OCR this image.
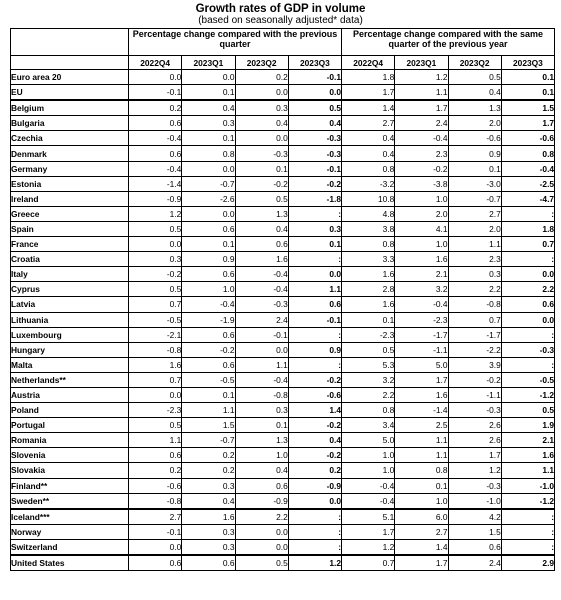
Growth rates of GDP in volume
(based on seasonally adjusted* data)
	Percentage change compared with the previous quarter				Percentage change compared with the same quarter of the previous year			
	2022Q4	2023Q1	2023Q2	2023Q3	2022Q4	2023Q1	2023Q2	2023Q3
Euro area 20	0.0	0.0	0.2	-0.1	1.8	1.2	0.5	0.1
EU	-0.1	0.1	0.0	0.0	1.7	1.1	0.4	0.1
Belgium	0.2	0.4	0.3	0.5	1.4	1.7	1.3	1.5
Bulgaria	0.6	0.3	0.4	0.4	2.7	2.4	2.0	1.7
Czechia	-0.4	0.1	0.0	-0.3	0.4	-0.4	-0.6	-0.6
Denmark	0.6	0.8	-0.3	-0.3	0.4	2.3	0.9	0.8
Germany	-0.4	0.0	0.1	-0.1	0.8	-0.2	0.1	-0.4
Estonia	-1.4	-0.7	-0.2	-0.2	-3.2	-3.8	-3.0	-2.5
Ireland	-0.9	-2.6	0.5	-1.8	10.8	1.0	-0.7	-4.7
Greece	1.2	0.0	1.3	:	4.8	2.0	2.7	:
Spain	0.5	0.6	0.4	0.3	3.8	4.1	2.0	1.8
France	0.0	0.1	0.6	0.1	0.8	1.0	1.1	0.7
Croatia	0.3	0.9	1.6	:	3.3	1.6	2.3	:
Italy	-0.2	0.6	-0.4	0.0	1.6	2.1	0.3	0.0
Cyprus	0.5	1.0	-0.4	1.1	2.8	3.2	2.2	2.2
Latvia	0.7	-0.4	-0.3	0.6	1.6	-0.4	-0.8	0.6
Lithuania	-0.5	-1.9	2.4	-0.1	0.1	-2.3	0.7	0.0
Luxembourg	-2.1	0.6	-0.1	:	-2.3	-1.7	-1.7	:
Hungary	-0.8	-0.2	0.0	0.9	0.5	-1.1	-2.2	-0.3
Malta	1.6	0.6	1.1	:	5.3	5.0	3.9	:
Netherlands**	0.7	-0.5	-0.4	-0.2	3.2	1.7	-0.2	-0.5
Austria	0.0	0.1	-0.8	-0.6	2.2	1.6	-1.1	-1.2
Poland	-2.3	1.1	0.3	1.4	0.8	-1.4	-0.3	0.5
Portugal	0.5	1.5	0.1	-0.2	3.4	2.5	2.6	1.9
Romania	1.1	-0.7	1.3	0.4	5.0	1.1	2.6	2.1
Slovenia	0.6	0.2	1.0	-0.2	1.0	1.1	1.7	1.6
Slovakia	0.2	0.2	0.4	0.2	1.0	0.8	1.2	1.1
Finland**	-0.6	0.3	0.6	-0.9	-0.4	0.1	-0.3	-1.0
Sweden**	-0.8	0.4	-0.9	0.0	-0.4	1.0	-1.0	-1.2
Iceland***	2.7	1.6	2.2	:	5.1	6.0	4.2	:
Norway	-0.1	0.3	0.0	:	1.7	2.7	1.5	:
Switzerland	0.0	0.3	0.0	:	1.2	1.4	0.6	:
United States	0.6	0.6	0.5	1.2	0.7	1.7	2.4	2.9
